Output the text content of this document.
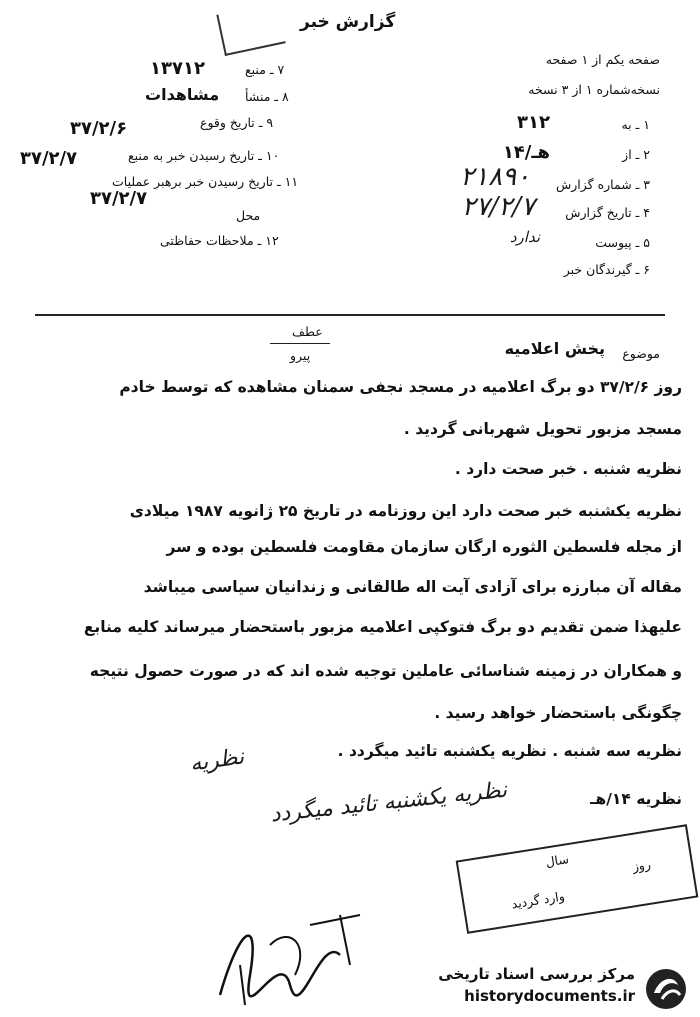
گزارش خبر
صفحه یکم از ۱ صفحه
نسخه‌شماره ۱ از ۳ نسخه
۱ ـ به
۳۱۲
۲ ـ از
۱۴/هـ
۳ ـ شماره گزارش
۲۱۸۹۰
۴ ـ تاریخ گزارش
۲۷/۲/۷
۵ ـ پیوست
ندارد
۶ ـ گیرندگان خبر
۷ ـ منبع
۱۳۷۱۲
۸ ـ منشأ
مشاهدات
۹ ـ تاریخ وقوع
۳۷/۲/۶
۱۰ ـ تاریخ رسیدن خبر به منبع
۳۷/۲/۷
۱۱ ـ تاریخ رسیدن خبر برهبر عملیات
۳۷/۲/۷
محل
۱۲ ـ ملاحظات حفاظتی
عطف
پیرو	موضوع
پخش اعلامیه
روز ۳۷/۲/۶ دو برگ اعلامیه در مسجد نجفی سمنان مشاهده که توسط خادم
مسجد مزبور تحویل شهربانی گردید .
نظریه شنبه . خبر صحت دارد .
نظریه یکشنبه خبر صحت دارد این روزنامه در تاریخ ۲۵ ژانویه ۱۹۸۷ میلادی
از مجله فلسطین الثوره ارگان سازمان مقاومت فلسطین بوده و سر
مقاله آن مبارزه برای آزادی آیت اله طالقانی و زندانیان سیاسی میباشد
علیهذا ضمن تقدیم دو برگ فتوکپی اعلامیه مزبور باستحضار میرساند کلیه منابع
و همکاران در زمینه شناسائی عاملین توجیه شده اند که در صورت حصول نتیجه
چگونگی باستحضار خواهد رسید .
نظریه سه شنبه . نظریه یکشنبه تائید میگردد .
نظریه ۱۴/هـ
نظریه
نظریه یکشنبه تائید میگردد
سال	روز
وارد گردید
مرکز بررسی اسناد تاریخی
historydocuments.ir
